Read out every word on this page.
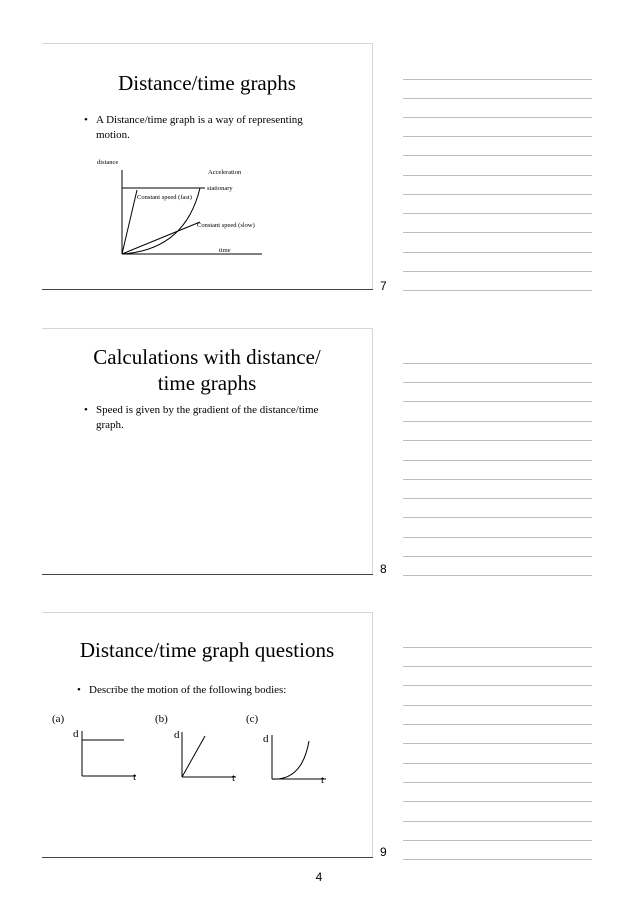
Distance/time graphs
• A Distance/time graph is a way of representing
motion.
distance
Acceleration
stationary
Constant speed (fast)
Constant speed (slow)
time
7
Calculations with distance/
time graphs
• Speed is given by the gradient of the distance/time
graph.
8
Distance/time graph questions
• Describe the motion of the following bodies:
(a)
d
t
(b)
d
t
(c)
d
t
9
4
